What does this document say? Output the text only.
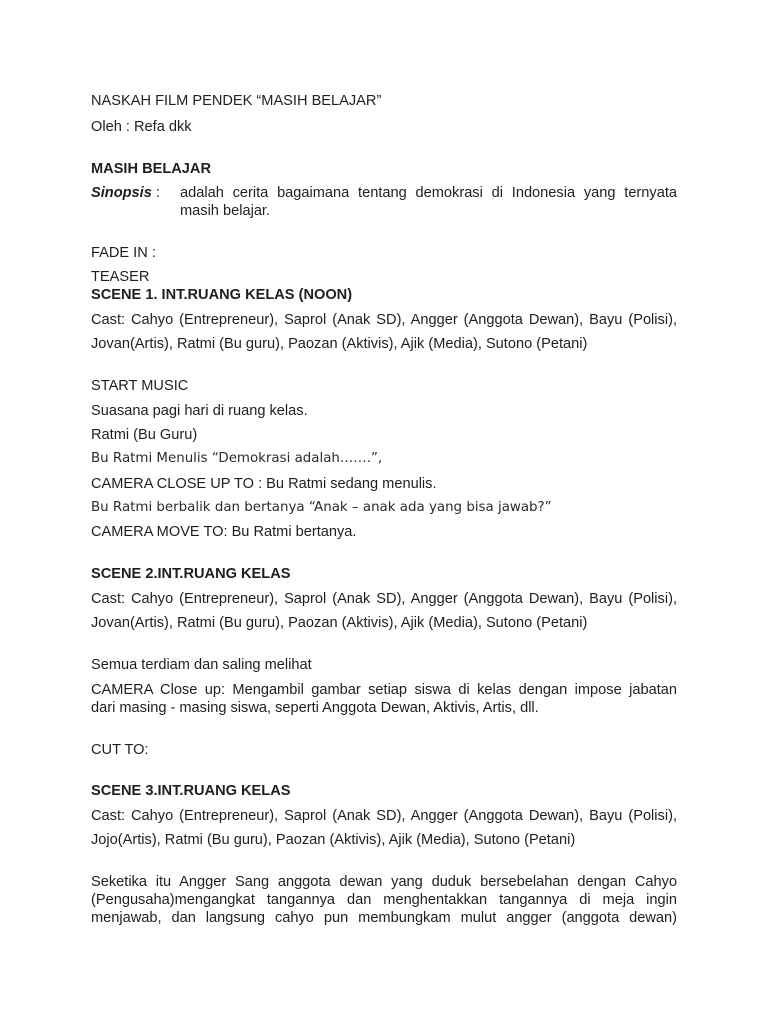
NASKAH FILM PENDEK “MASIH BELAJAR”
Oleh : Refa dkk
MASIH BELAJAR
Sinopsis : adalah cerita bagaimana tentang demokrasi di Indonesia yang ternyata
masih belajar.
FADE IN :
TEASER
SCENE 1. INT.RUANG KELAS (NOON)
Cast: Cahyo (Entrepreneur), Saprol (Anak SD), Angger (Anggota Dewan), Bayu (Polisi),
Jovan(Artis), Ratmi (Bu guru), Paozan (Aktivis), Ajik (Media), Sutono (Petani)
START MUSIC
Suasana pagi hari di ruang kelas.
Ratmi (Bu Guru)
Bu Ratmi Menulis “Demokrasi adalah…….”,
CAMERA CLOSE UP TO : Bu Ratmi sedang menulis.
Bu Ratmi berbalik dan bertanya “Anak – anak ada yang bisa jawab?”
CAMERA MOVE TO: Bu Ratmi bertanya.
SCENE 2.INT.RUANG KELAS
Cast: Cahyo (Entrepreneur), Saprol (Anak SD), Angger (Anggota Dewan), Bayu (Polisi),
Jovan(Artis), Ratmi (Bu guru), Paozan (Aktivis), Ajik (Media), Sutono (Petani)
Semua terdiam dan saling melihat
CAMERA Close up: Mengambil gambar setiap siswa di kelas dengan impose jabatan
dari masing - masing siswa, seperti Anggota Dewan, Aktivis, Artis, dll.
CUT TO:
SCENE 3.INT.RUANG KELAS
Cast: Cahyo (Entrepreneur), Saprol (Anak SD), Angger (Anggota Dewan), Bayu (Polisi),
Jojo(Artis), Ratmi (Bu guru), Paozan (Aktivis), Ajik (Media), Sutono (Petani)
Seketika itu Angger Sang anggota dewan yang duduk bersebelahan dengan Cahyo
(Pengusaha)mengangkat tangannya dan menghentakkan tangannya di meja ingin
menjawab, dan langsung cahyo pun membungkam mulut angger (anggota dewan)
